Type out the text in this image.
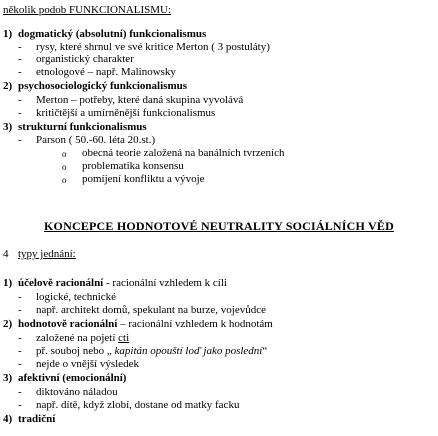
několik podob FUNKCIONALISMU:
1) dogmatický (absolutní) funkcionalismus
- rysy, které shrnul ve své kritice Merton ( 3 postuláty)
- organistický charakter
- etnologové – např. Malinowsky
2) psychosociologický funkcionalismus
- Merton – potřeby, které daná skupina vyvolává
- kritičtější a umírněnější funkcionalismus
3) strukturní funkcionalismus
- Parson ( 50.-60. léta 20.st.)
o obecná teorie založená na banálních tvrzeních
o problematika konsensu
o pomíjení konfliktu a vývoje
KONCEPCE HODNOTOVÉ NEUTRALITY SOCIÁLNÍCH VĚD
4 typy jednání:
1) účelově racionální - racionální vzhledem k cíli
- logické, technické
- např. architekt domů, spekulant na burze, vojevůdce
2) hodnotově racionální – racionální vzhledem k hodnotám
- založené na pojetí cti
- př. souboj nebo „ kapitán opouští loď jako poslední“
- nejde o vnější výsledek
3) afektivní (emocionální)
- diktováno náladou
- např. dítě, když zlobí, dostane od matky facku
4) tradiční
